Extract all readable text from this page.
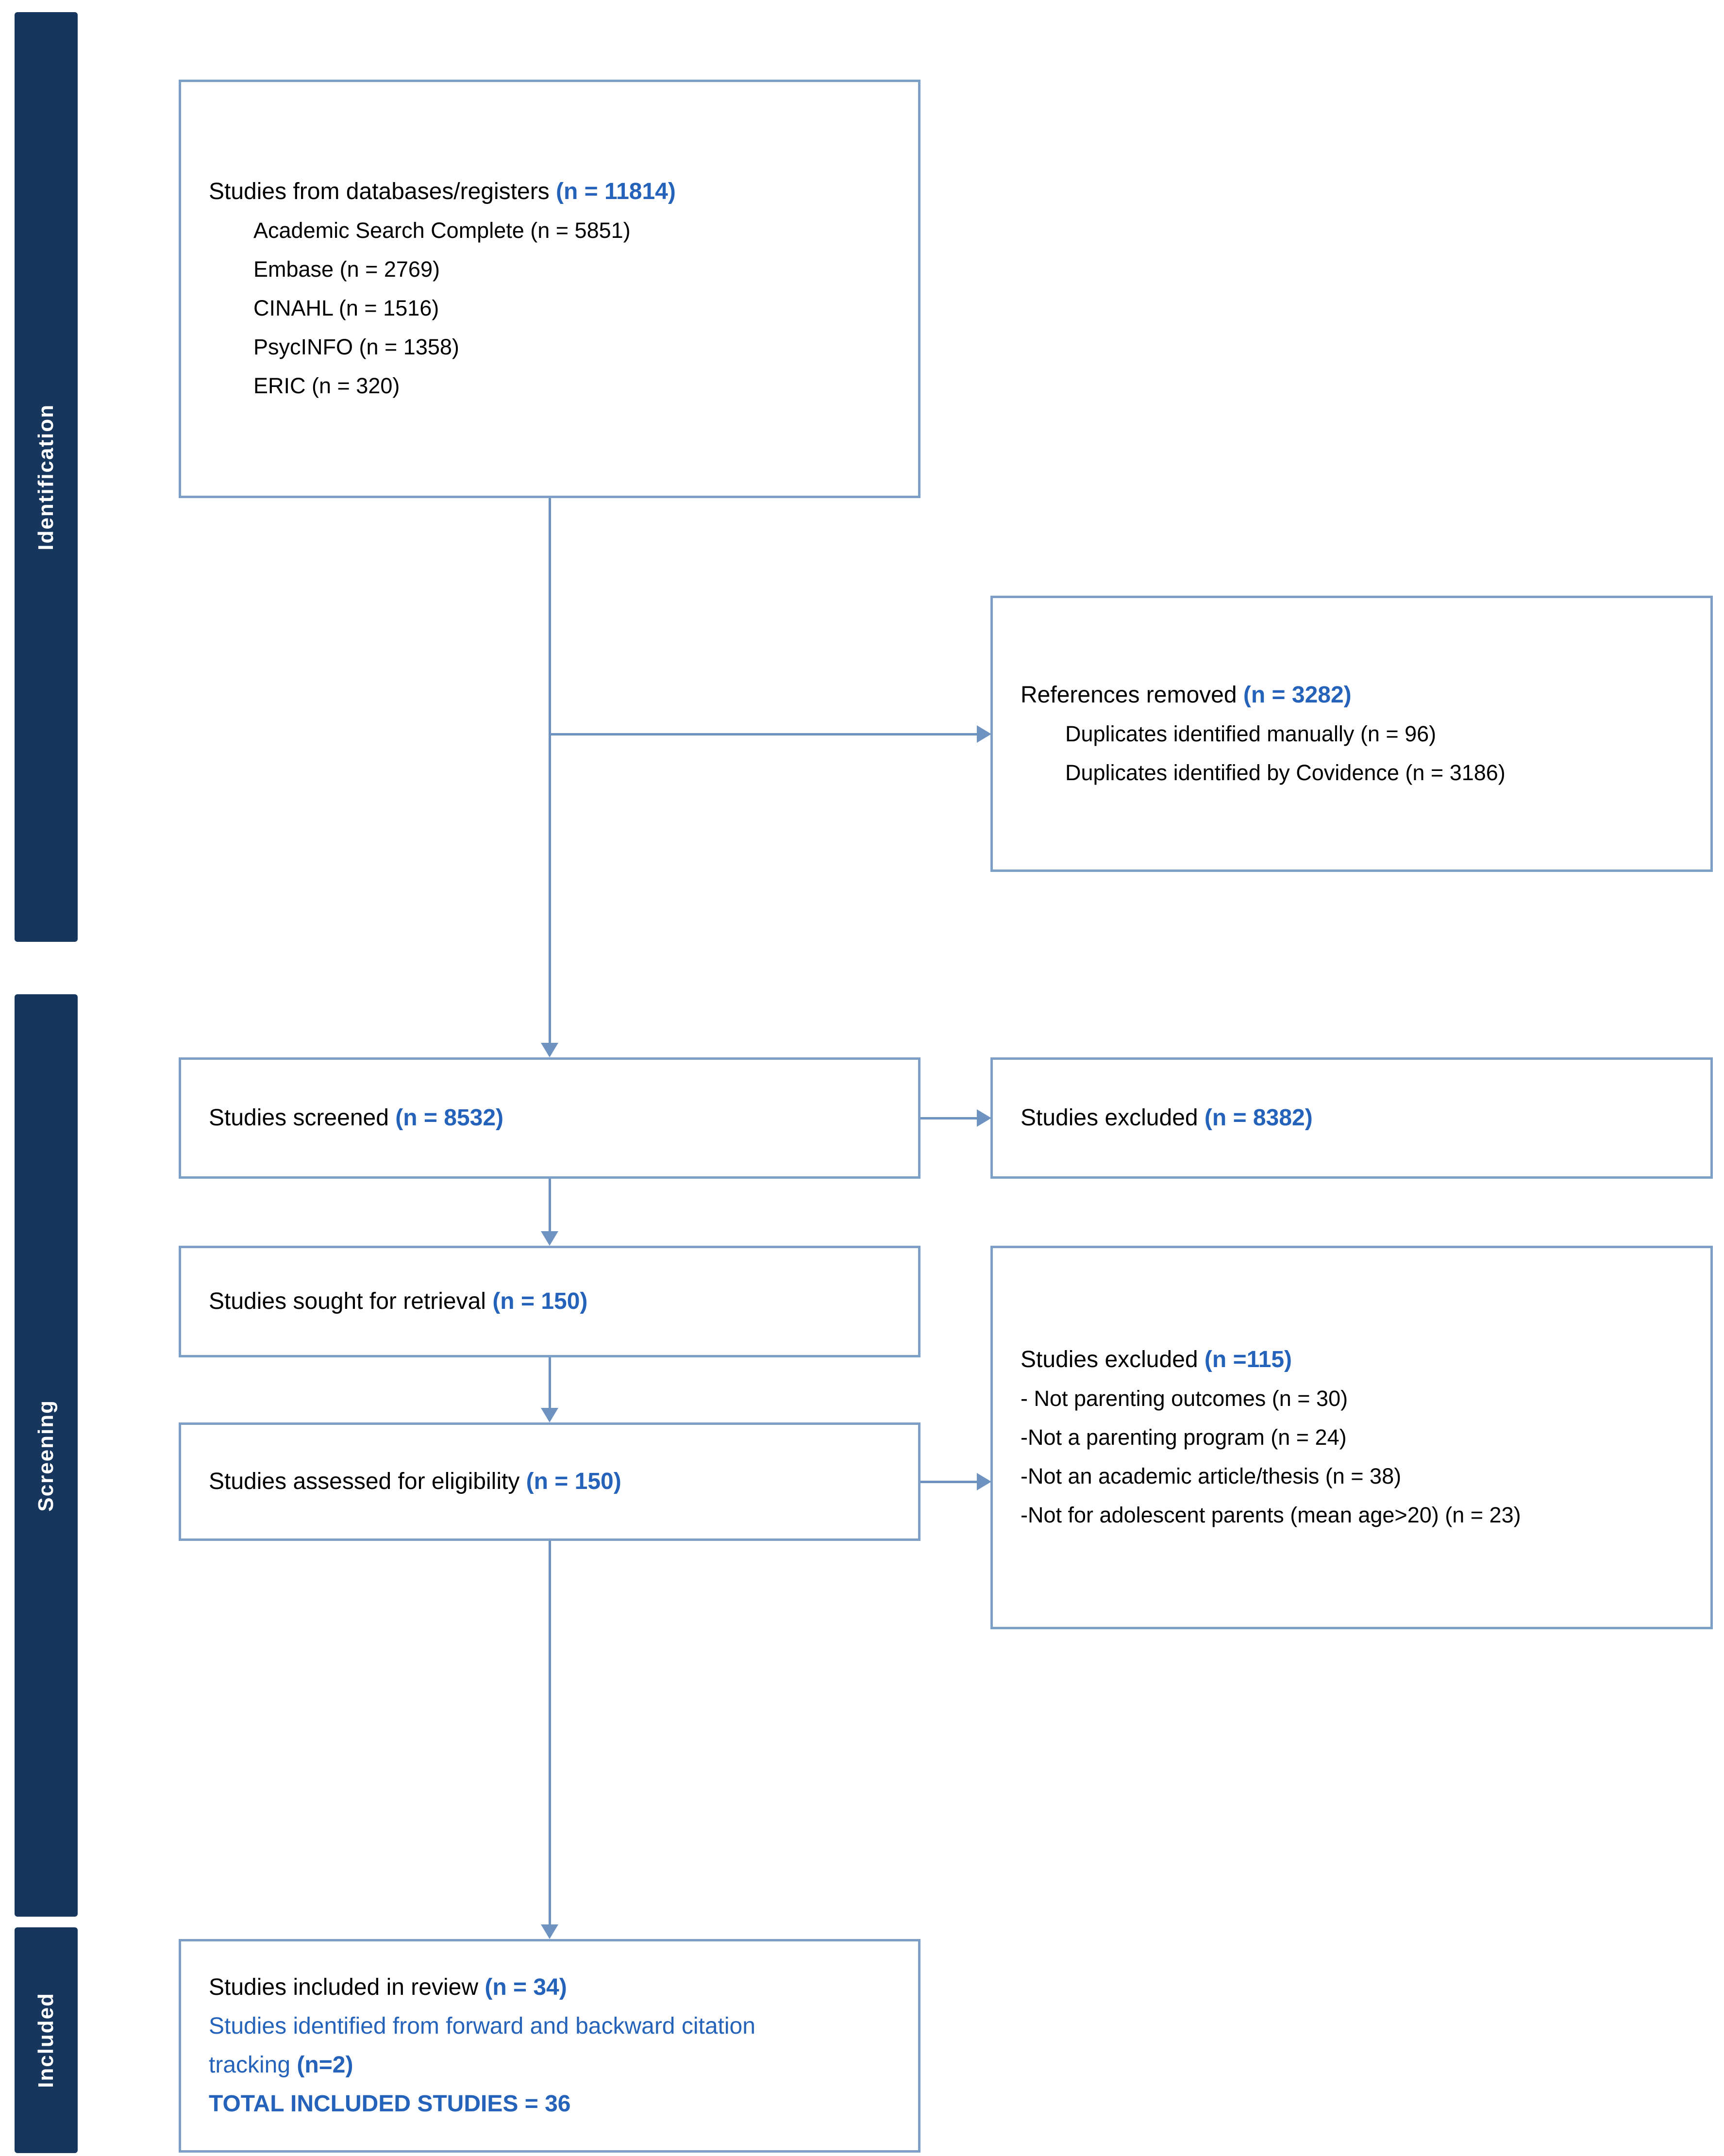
Identification
Screening
Included
Studies from databases/registers (n = 11814)
Academic Search Complete (n = 5851)
Embase (n = 2769)
CINAHL (n = 1516)
PsycINFO (n = 1358)
ERIC (n = 320)
References removed (n = 3282)
Duplicates identified manually (n = 96)
Duplicates identified by Covidence (n = 3186)
Studies screened (n = 8532)	Studies excluded (n = 8382)
Studies sought for retrieval (n = 150)
Studies excluded (n =115)
- Not parenting outcomes (n = 30)
-Not a parenting program (n = 24)
-Not an academic article/thesis (n = 38)
-Not for adolescent parents (mean age>20) (n = 23)
Studies assessed for eligibility (n = 150)
Studies included in review (n = 34)
Studies identified from forward and backward citation tracking (n=2)
TOTAL INCLUDED STUDIES = 36
